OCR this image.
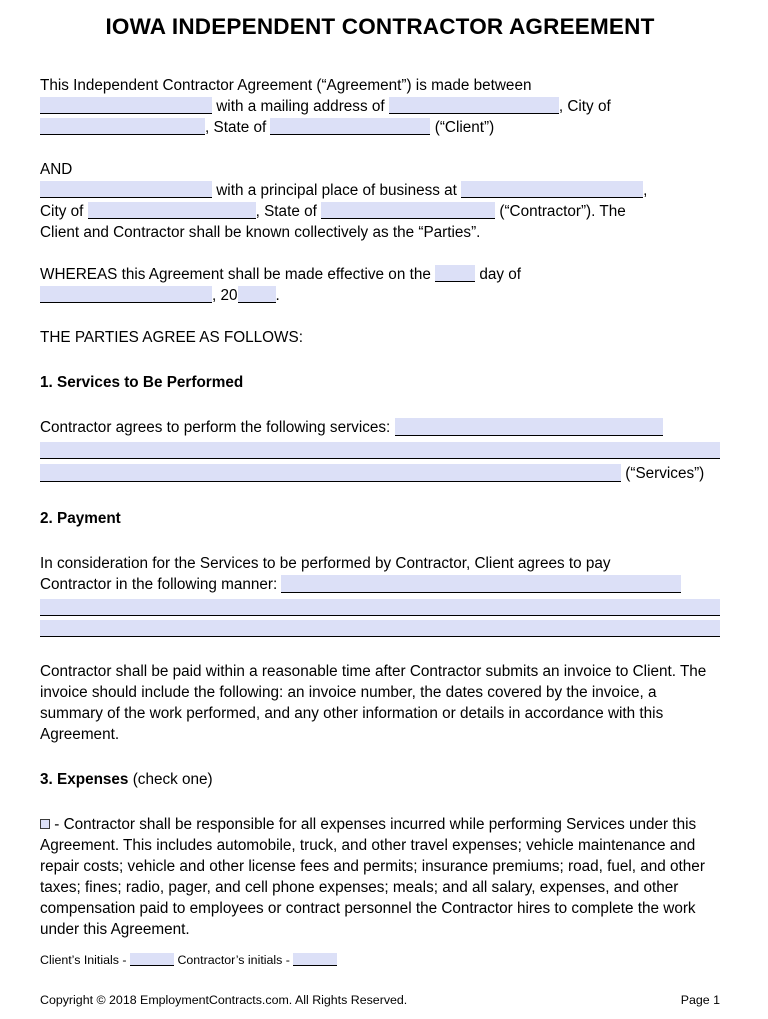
IOWA INDEPENDENT CONTRACTOR AGREEMENT

This Independent Contractor Agreement (“Agreement”) is made between
with a mailing address of	, City of
, State of	(“Client”)

AND
with a principal place of business at	,
City of	, State of	(“Contractor”). The
Client and Contractor shall be known collectively as the “Parties”.

WHEREAS this Agreement shall be made effective on the	day of
, 20 .

THE PARTIES AGREE AS FOLLOWS:

1. Services to Be Performed

Contractor agrees to perform the following services:
(“Services”)

2. Payment

In consideration for the Services to be performed by Contractor, Client agrees to pay
Contractor in the following manner:

Contractor shall be paid within a reasonable time after Contractor submits an invoice to Client. The invoice should include the following: an invoice number, the dates covered by the invoice, a summary of the work performed, and any other information or details in accordance with this Agreement.

3. Expenses (check one)

- Contractor shall be responsible for all expenses incurred while performing Services under this Agreement. This includes automobile, truck, and other travel expenses; vehicle maintenance and repair costs; vehicle and other license fees and permits; insurance premiums; road, fuel, and other taxes; fines; radio, pager, and cell phone expenses; meals; and all salary, expenses, and other compensation paid to employees or contract personnel the Contractor hires to complete the work under this Agreement.

Client’s Initials -	Contractor’s initials -
Copyright © 2018 EmploymentContracts.com. All Rights Reserved.	Page 1
